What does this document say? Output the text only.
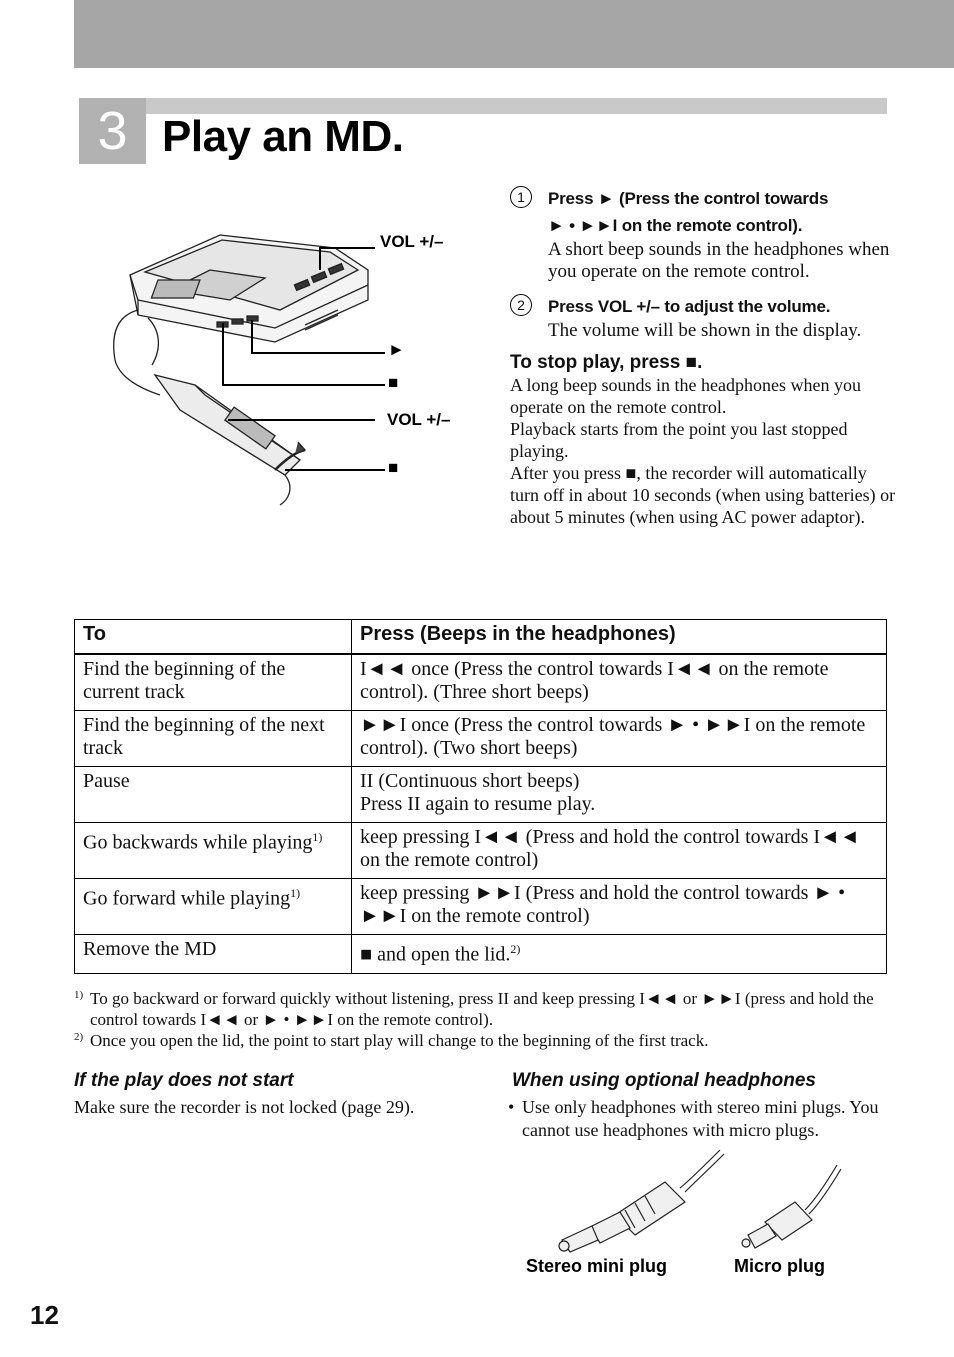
3 Play an MD.
VOL +/–
►
■
VOL +/–
■
1	Press ► (Press the control towards
► • ►►I on the remote control).
A short beep sounds in the headphones when you operate on the remote control.
2	Press VOL +/– to adjust the volume.
The volume will be shown in the display.
To stop play, press ■.
A long beep sounds in the headphones when you operate on the remote control.
Playback starts from the point you last stopped playing.
After you press ■, the recorder will automatically turn off in about 10 seconds (when using batteries) or about 5 minutes (when using AC power adaptor).
To	Press (Beeps in the headphones)
Find the beginning of the current track	I◄◄ once (Press the control towards I◄◄ on the remote control). (Three short beeps)
Find the beginning of the next track	►►I once (Press the control towards ► • ►►I on the remote control). (Two short beeps)
Pause	II (Continuous short beeps)
Press II again to resume play.

Go backwards while playing$^{1)}$	keep pressing I◄◄ (Press and hold the control towards I◄◄ on the remote control)
Go forward while playing$^{1)}$	keep pressing ►►I (Press and hold the control towards ► • ►►I on the remote control)
Remove the MD	■ and open the lid.$^{2)}$
1) To go backward or forward quickly without listening, press II and keep pressing I◄◄ or ►►I (press and hold the control towards I◄◄ or ► • ►►I on the remote control).
2) Once you open the lid, the point to start play will change to the beginning of the first track.
If the play does not start
Make sure the recorder is not locked (page 29).
When using optional headphones
• Use only headphones with stereo mini plugs. You cannot use headphones with micro plugs.
Stereo mini plug	Micro plug
12
